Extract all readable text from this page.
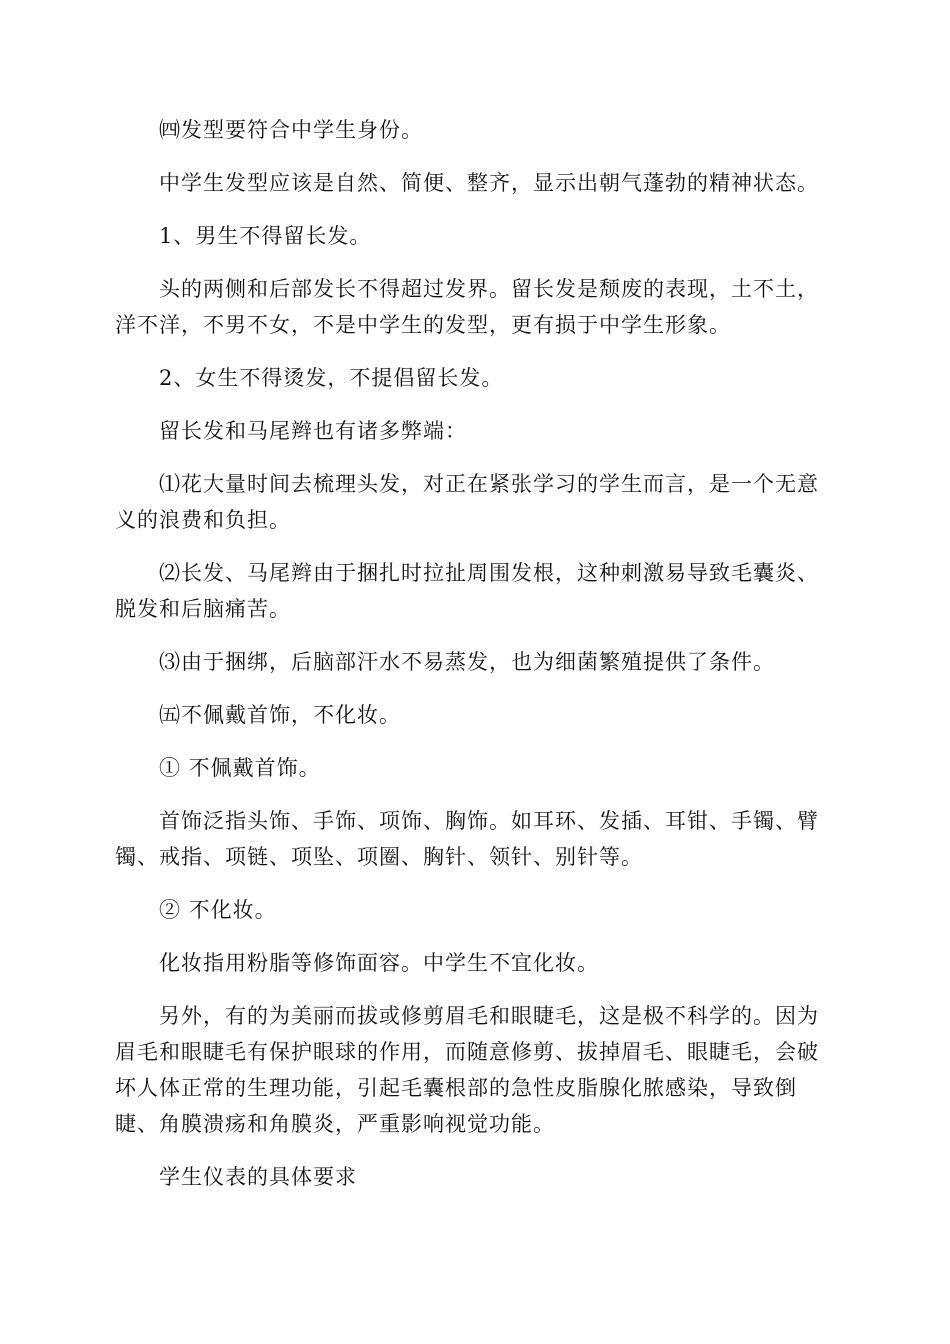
㈣发型要符合中学生身份。

中学生发型应该是自然、简便、整齐，显示出朝气蓬勃的精神状态。

1、男生不得留长发。

头的两侧和后部发长不得超过发界。留长发是颓废的表现，土不土，洋不洋，不男不女，不是中学生的发型，更有损于中学生形象。

2、女生不得烫发，不提倡留长发。

留长发和马尾辫也有诸多弊端：

⑴花大量时间去梳理头发，对正在紧张学习的学生而言，是一个无意义的浪费和负担。

⑵长发、马尾辫由于捆扎时拉扯周围发根，这种刺激易导致毛囊炎、脱发和后脑痛苦。

⑶由于捆绑，后脑部汗水不易蒸发，也为细菌繁殖提供了条件。

㈤不佩戴首饰，不化妆。

① 不佩戴首饰。

首饰泛指头饰、手饰、项饰、胸饰。如耳环、发插、耳钳、手镯、臂镯、戒指、项链、项坠、项圈、胸针、领针、别针等。

② 不化妆。

化妆指用粉脂等修饰面容。中学生不宜化妆。

另外，有的为美丽而拔或修剪眉毛和眼睫毛，这是极不科学的。因为眉毛和眼睫毛有保护眼球的作用，而随意修剪、拔掉眉毛、眼睫毛，会破坏人体正常的生理功能，引起毛囊根部的急性皮脂腺化脓感染，导致倒睫、角膜溃疡和角膜炎，严重影响视觉功能。

学生仪表的具体要求
